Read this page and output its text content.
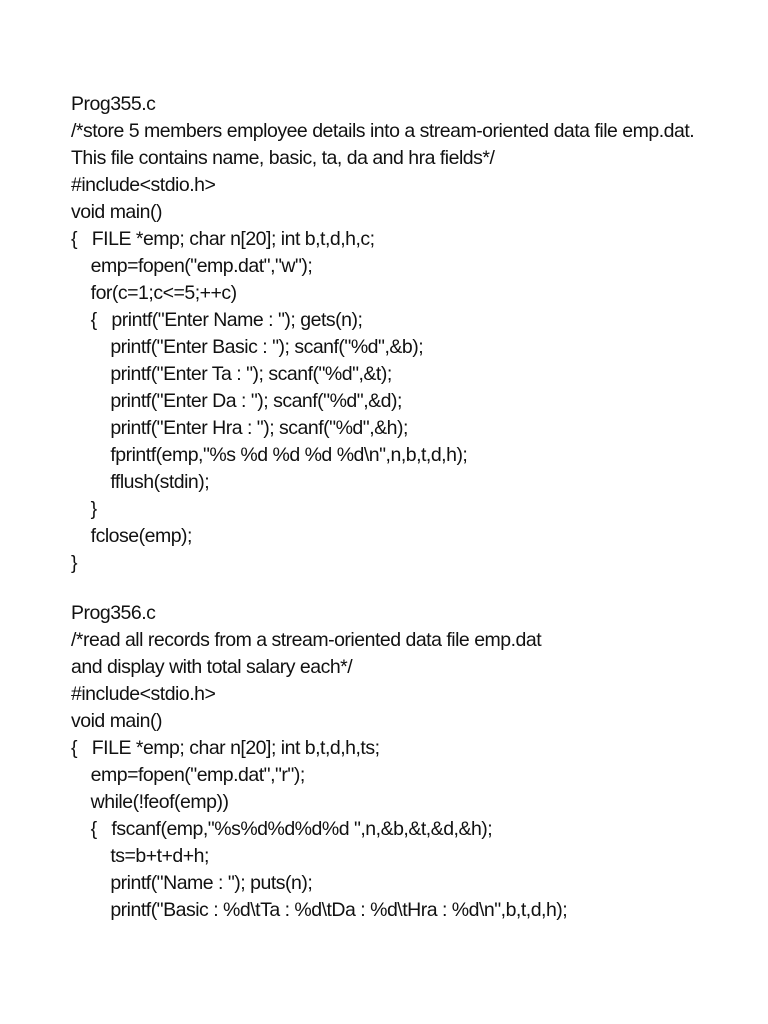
Prog355.c
/*store 5 members employee details into a stream-oriented data file emp.dat.
This file contains name, basic, ta, da and hra fields*/
#include<stdio.h>
void main()
{   FILE *emp; char n[20]; int b,t,d,h,c;
emp=fopen("emp.dat","w");
for(c=1;c<=5;++c)
{   printf("Enter Name : "); gets(n);
printf("Enter Basic : "); scanf("%d",&b);
printf("Enter Ta : "); scanf("%d",&t);
printf("Enter Da : "); scanf("%d",&d);
printf("Enter Hra : "); scanf("%d",&h);
fprintf(emp,"%s %d %d %d %d\n",n,b,t,d,h);
fflush(stdin);
}
fclose(emp);
}
Prog356.c
/*read all records from a stream-oriented data file emp.dat
and display with total salary each*/
#include<stdio.h>
void main()
{   FILE *emp; char n[20]; int b,t,d,h,ts;
emp=fopen("emp.dat","r");
while(!feof(emp))
{   fscanf(emp,"%s%d%d%d%d ",n,&b,&t,&d,&h);
ts=b+t+d+h;
printf("Name : "); puts(n);
printf("Basic : %d\tTa : %d\tDa : %d\tHra : %d\n",b,t,d,h);
